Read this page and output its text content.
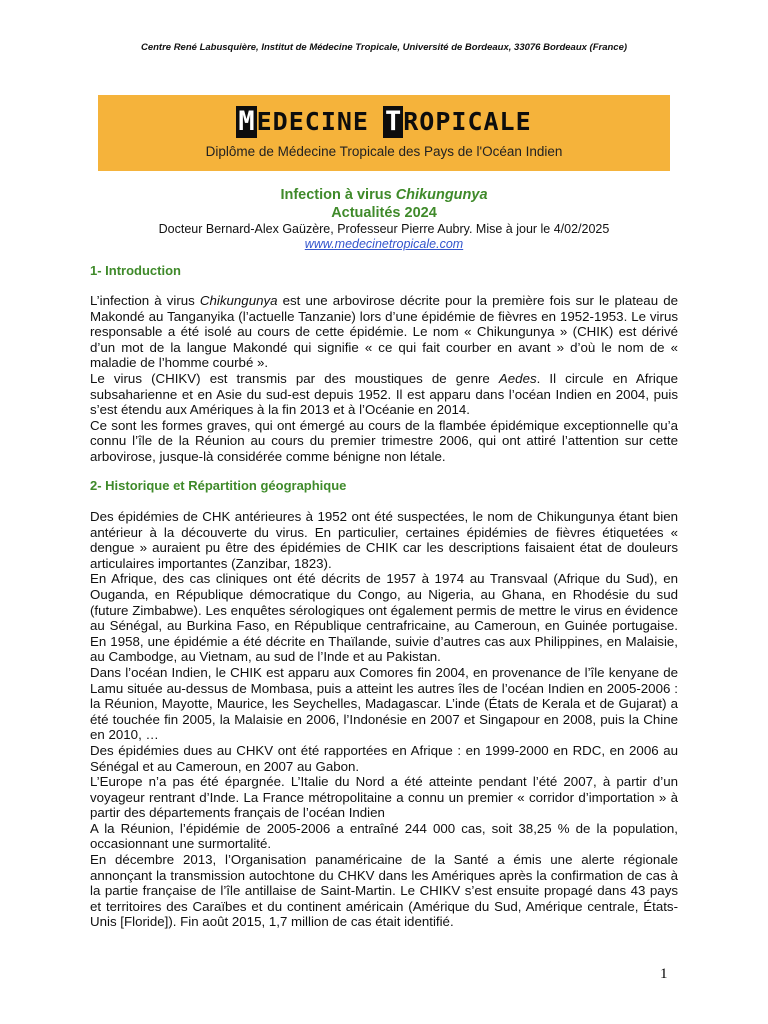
Centre René Labusquière, Institut de Médecine Tropicale, Université de Bordeaux, 33076 Bordeaux (France)
MEDECINE TROPICALE
Diplôme de Médecine Tropicale des Pays de l'Océan Indien
Infection à virus Chikungunya
Actualités 2024
Docteur Bernard-Alex Gaüzère, Professeur Pierre Aubry. Mise à jour le 4/02/2025
www.medecinetropicale.com
1- Introduction

L’infection à virus Chikungunya est une arbovirose décrite pour la première fois sur le plateau de Makondé au Tanganyika (l’actuelle Tanzanie) lors d’une épidémie de fièvres en 1952-1953. Le virus responsable a été isolé au cours de cette épidémie. Le nom « Chikungunya » (CHIK) est dérivé d’un mot de la langue Makondé qui signifie « ce qui fait courber en avant » d’où le nom de « maladie de l’homme courbé ».

Le virus (CHIKV) est transmis par des moustiques de genre Aedes. Il circule en Afrique subsaharienne et en Asie du sud-est depuis 1952. Il est apparu dans l’océan Indien en 2004, puis s’est étendu aux Amériques à la fin 2013 et à l’Océanie en 2014.

Ce sont les formes graves, qui ont émergé au cours de la flambée épidémique exceptionnelle qu’a connu l’île de la Réunion au cours du premier trimestre 2006, qui ont attiré l’attention sur cette arbovirose, jusque-là considérée comme bénigne non létale.

2- Historique et Répartition géographique

Des épidémies de CHK antérieures à 1952 ont été suspectées, le nom de Chikungunya étant bien antérieur à la découverte du virus. En particulier, certaines épidémies de fièvres étiquetées « dengue » auraient pu être des épidémies de CHIK car les descriptions faisaient état de douleurs articulaires importantes (Zanzibar, 1823).

En Afrique, des cas cliniques ont été décrits de 1957 à 1974 au Transvaal (Afrique du Sud), en Ouganda, en République démocratique du Congo, au Nigeria, au Ghana, en Rhodésie du sud (future Zimbabwe). Les enquêtes sérologiques ont également permis de mettre le virus en évidence au Sénégal, au Burkina Faso, en République centrafricaine, au Cameroun, en Guinée portugaise. En 1958, une épidémie a été décrite en Thaïlande, suivie d’autres cas aux Philippines, en Malaisie, au Cambodge, au Vietnam, au sud de l’Inde et au Pakistan.

Dans l’océan Indien, le CHIK est apparu aux Comores fin 2004, en provenance de l’île kenyane de Lamu située au-dessus de Mombasa, puis a atteint les autres îles de l’océan Indien en 2005-2006 : la Réunion, Mayotte, Maurice, les Seychelles, Madagascar. L’inde (États de Kerala et de Gujarat) a été touchée fin 2005, la Malaisie en 2006, l’Indonésie en 2007 et Singapour en 2008, puis la Chine en 2010, …

Des épidémies dues au CHKV ont été rapportées en Afrique : en 1999-2000 en RDC, en 2006 au Sénégal et au Cameroun, en 2007 au Gabon.

L’Europe n’a pas été épargnée. L’Italie du Nord a été atteinte pendant l’été 2007, à partir d’un voyageur rentrant d’Inde. La France métropolitaine a connu un premier « corridor d’importation » à partir des départements français de l’océan Indien

A la Réunion, l’épidémie de 2005-2006 a entraîné 244 000 cas, soit 38,25 % de la population, occasionnant une surmortalité.

En décembre 2013, l’Organisation panaméricaine de la Santé a émis une alerte régionale annonçant la transmission autochtone du CHKV dans les Amériques après la confirmation de cas à la partie française de l’île antillaise de Saint-Martin. Le CHIKV s’est ensuite propagé dans 43 pays et territoires des Caraïbes et du continent américain (Amérique du Sud, Amérique centrale, États-Unis [Floride]). Fin août 2015, 1,7 million de cas était identifié.

1
